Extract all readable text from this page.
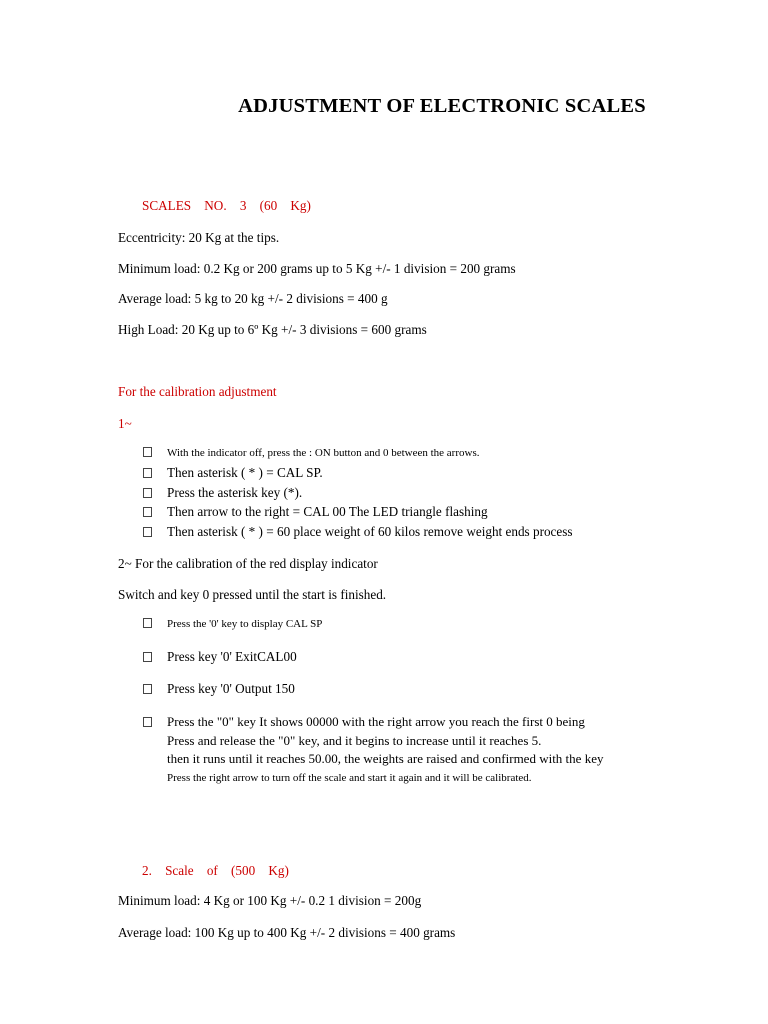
ADJUSTMENT OF ELECTRONIC SCALES
SCALES    NO.    3    (60    Kg)
Eccentricity: 20 Kg at the tips.
Minimum load: 0.2 Kg or 200 grams up to 5 Kg +/- 1 division = 200 grams
Average load: 5 kg to 20 kg +/- 2 divisions = 400 g
High Load: 20 Kg up to 6º Kg +/- 3 divisions = 600 grams
For the calibration adjustment
1~
With the indicator off, press the : ON button and 0 between the arrows.
Then asterisk ( * ) = CAL SP.
Press the asterisk key (*).
Then arrow to the right = CAL 00 The LED triangle flashing
Then asterisk ( * ) = 60 place weight of 60 kilos remove weight ends process
2~ For the calibration of the red display indicator
Switch and key 0 pressed until the start is finished.
Press the '0' key to display CAL SP
Press key '0' ExitCAL00
Press key '0' Output 150
Press the "0" key It shows 00000 with the right arrow you reach the first 0 being
Press and release the "0" key, and it begins to increase until it reaches 5.
then it runs until it reaches 50.00, the weights are raised and confirmed with the key
Press the right arrow to turn off the scale and start it again and it will be calibrated.
2.    Scale    of    (500    Kg)
Minimum load: 4 Kg or 100 Kg +/- 0.2 1 division = 200g
Average load: 100 Kg up to 400 Kg +/- 2 divisions = 400 grams
